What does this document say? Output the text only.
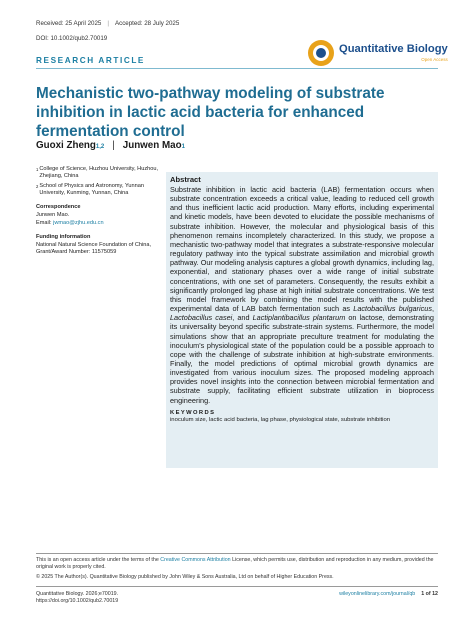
Received: 25 April 2025 | Accepted: 28 July 2025
DOI: 10.1002/qub2.70019
RESEARCH ARTICLE
Quantitative Biology
Open Access
Mechanistic two-pathway modeling of substrate inhibition in lactic acid bacteria for enhanced fermentation control
Guoxi Zheng 1,2 | Junwen Mao 1
1 College of Science, Huzhou University, Huzhou, Zhejiang, China
2 School of Physics and Astronomy, Yunnan University, Kunming, Yunnan, China
Correspondence
Junwen Mao.
Email: jwmao@zjhu.edu.cn
Funding information
National Natural Science Foundation of China, Grant/Award Number: 11575059
Abstract
Substrate inhibition in lactic acid bacteria (LAB) fermentation occurs when substrate concentration exceeds a critical value, leading to reduced cell growth and thus inefficient lactic acid production. Many efforts, including experimental and kinetic models, have been devoted to elucidate the possible mechanisms of substrate inhibition. However, the molecular and physiological basis of this phenomenon remains incompletely characterized. In this study, we propose a mechanistic two-pathway model that integrates a substrate-responsive molecular regulatory pathway into the typical substrate assimilation and microbial growth pathway. Our modeling analysis captures a global growth dynamics, including lag, exponential, and stationary phases over a wide range of initial substrate concentrations, with one set of parameters. Consequently, the results exhibit a significantly prolonged lag phase at high initial substrate concentrations. We test this model framework by combining the model results with the published experimental data of LAB batch fermentation such as Lactobacillus bulgaricus, Lactobacillus casei, and Lactiplantibacillus plantarum on lactose, demonstrating its universality beyond specific substrate-strain systems. Furthermore, the model simulations show that an appropriate preculture treatment for modulating the inoculum's physiological state of the population could be a possible approach to cope with the challenge of substrate inhibition at high-substrate environments. Finally, the model predictions of optimal microbial growth dynamics are investigated from various inoculum sizes. The proposed modeling approach provides novel insights into the connection between microbial fermentation and substrate supply, facilitating efficient substrate utilization in bioprocess engineering.
KEYWORDS
inoculum size, lactic acid bacteria, lag phase, physiological state, substrate inhibition
This is an open access article under the terms of the Creative Commons Attribution License, which permits use, distribution and reproduction in any medium, provided the original work is properly cited.
© 2025 The Author(s). Quantitative Biology published by John Wiley & Sons Australia, Ltd on behalf of Higher Education Press.
Quantitative Biology. 2026;e70019.
https://doi.org/10.1002/qub2.70019
wileyonlinelibrary.com/journal/qb 1 of 12
